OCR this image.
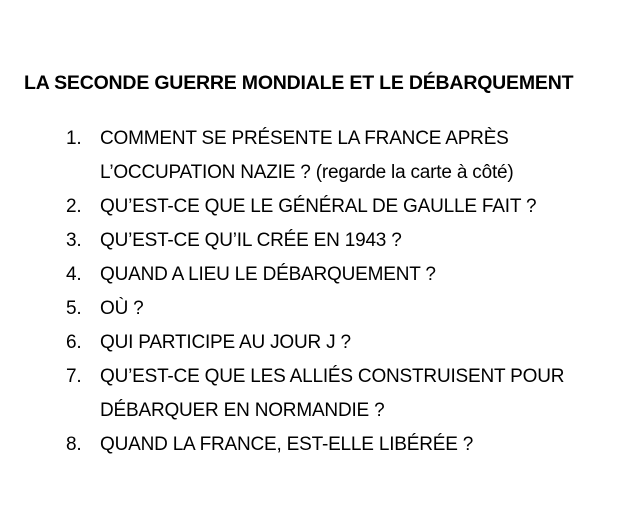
LA SECONDE GUERRE MONDIALE ET LE DÉBARQUEMENT
1. COMMENT SE PRÉSENTE LA FRANCE APRÈS
L’OCCUPATION NAZIE ? (regarde la carte à côté)
2. QU’EST-CE QUE LE GÉNÉRAL DE GAULLE FAIT ?
3. QU’EST-CE QU’IL CRÉE EN 1943 ?
4. QUAND A LIEU LE DÉBARQUEMENT ?
5. OÙ ?
6. QUI PARTICIPE AU JOUR J ?
7. QU’EST-CE QUE LES ALLIÉS CONSTRUISENT POUR
DÉBARQUER EN NORMANDIE ?
8. QUAND LA FRANCE, EST-ELLE LIBÉRÉE ?
